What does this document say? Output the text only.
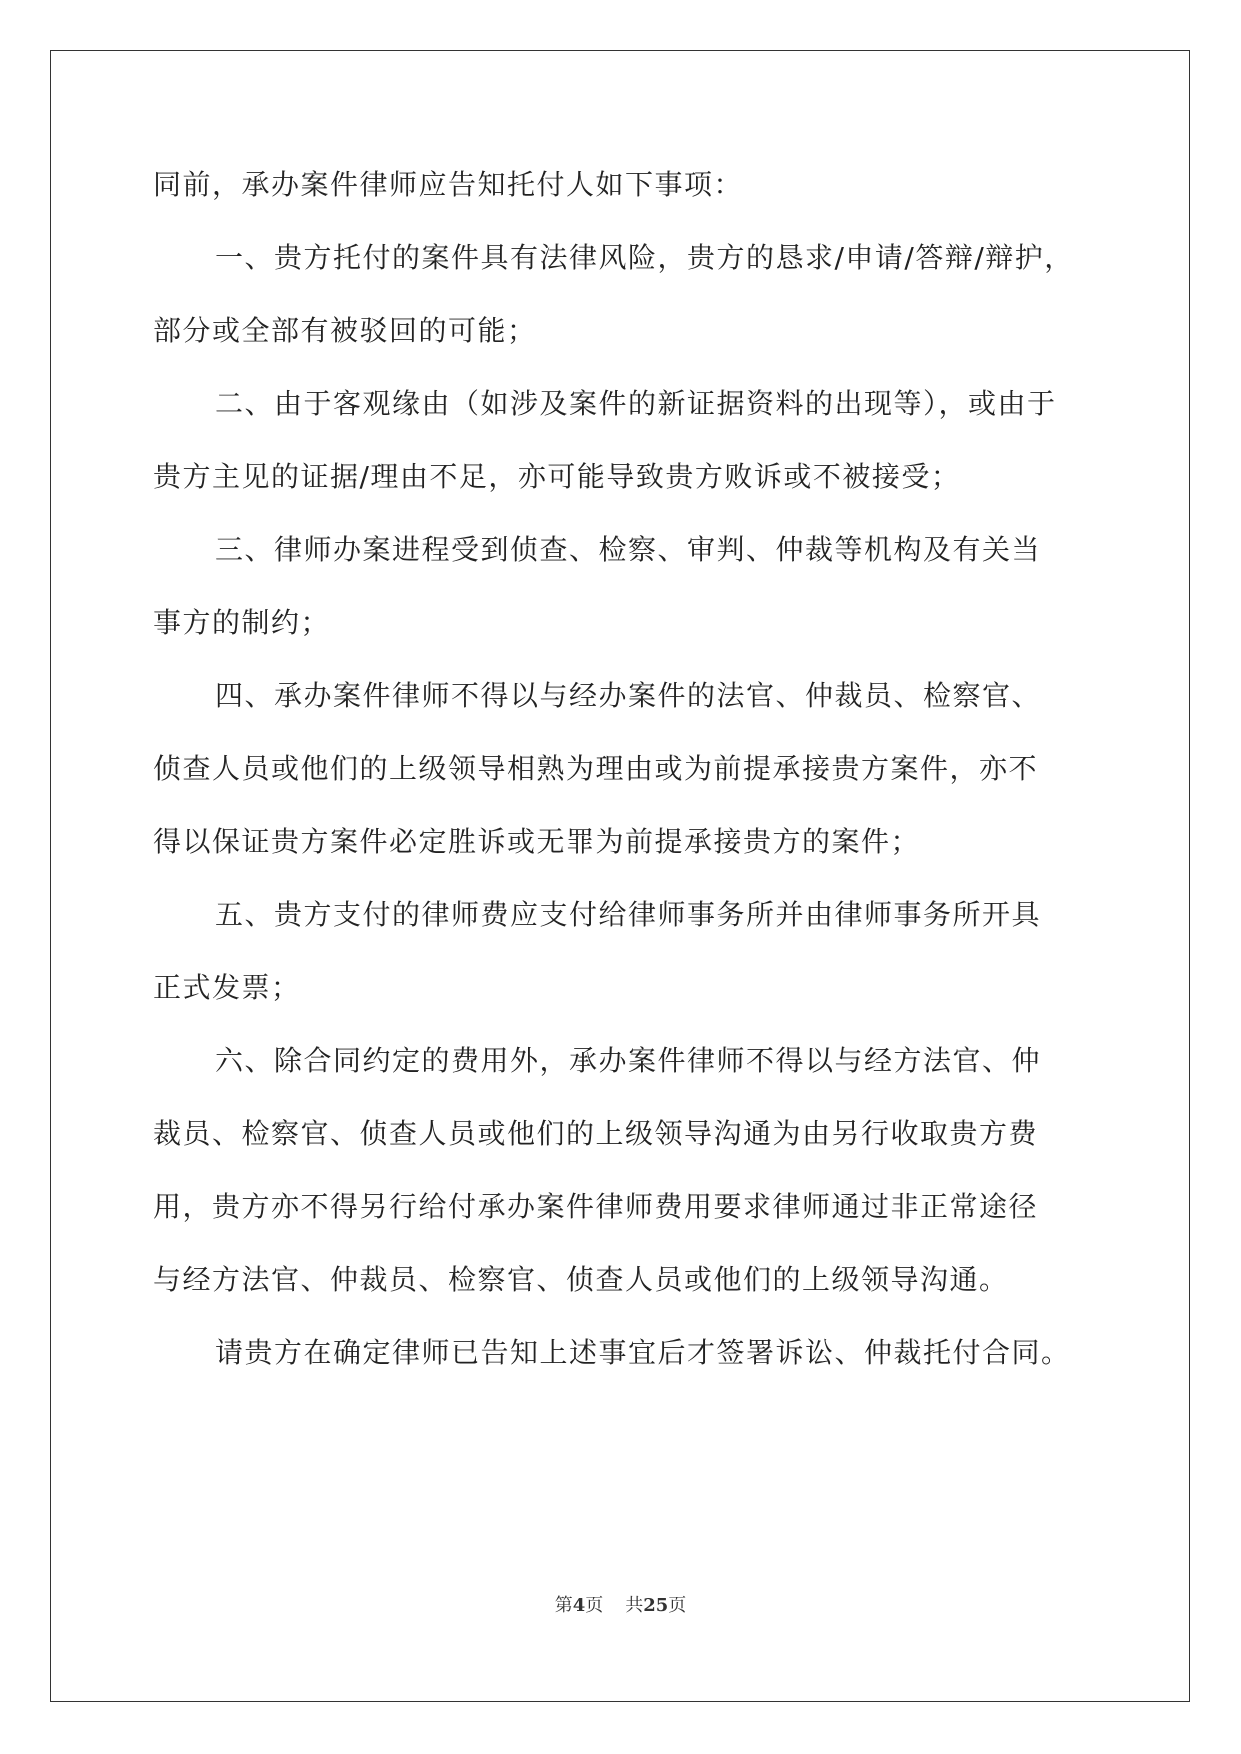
同前，承办案件律师应告知托付人如下事项：
一、贵方托付的案件具有法律风险，贵方的恳求/申请/答辩/辩护，
部分或全部有被驳回的可能；
二、由于客观缘由（如涉及案件的新证据资料的出现等），或由于
贵方主见的证据/理由不足，亦可能导致贵方败诉或不被接受；
三、律师办案进程受到侦查、检察、审判、仲裁等机构及有关当
事方的制约；
四、承办案件律师不得以与经办案件的法官、仲裁员、检察官、
侦查人员或他们的上级领导相熟为理由或为前提承接贵方案件，亦不
得以保证贵方案件必定胜诉或无罪为前提承接贵方的案件；
五、贵方支付的律师费应支付给律师事务所并由律师事务所开具
正式发票；
六、除合同约定的费用外，承办案件律师不得以与经方法官、仲
裁员、检察官、侦查人员或他们的上级领导沟通为由另行收取贵方费
用，贵方亦不得另行给付承办案件律师费用要求律师通过非正常途径
与经方法官、仲裁员、检察官、侦查人员或他们的上级领导沟通。
请贵方在确定律师已告知上述事宜后才签署诉讼、仲裁托付合同。
第4页 共25页
